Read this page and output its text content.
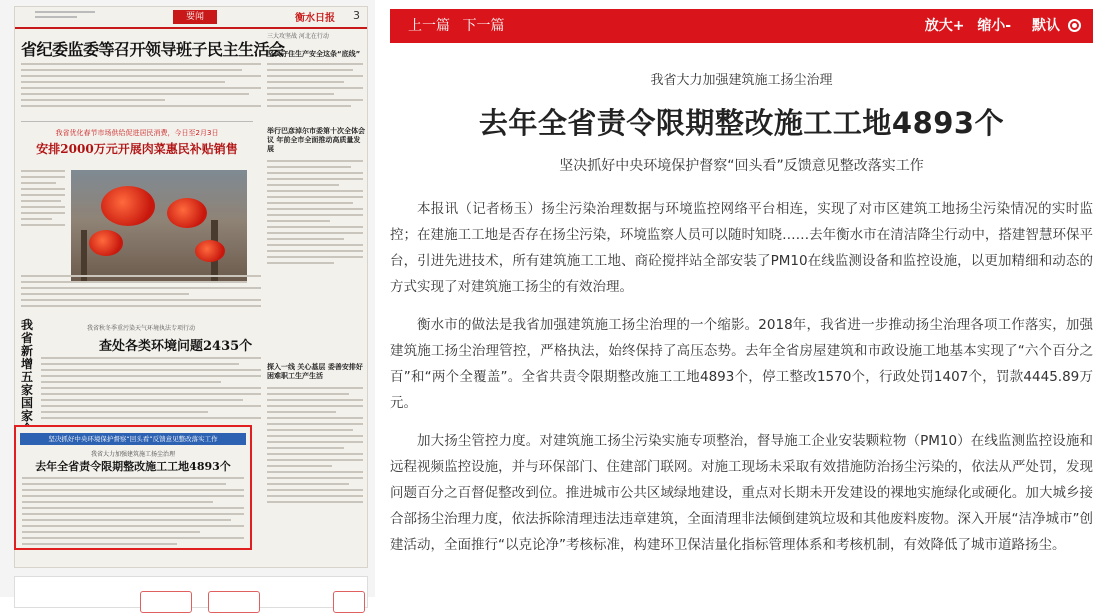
要闻	衡水日报 3
省纪委监委等召开领导班子民主生活会
三大攻坚战 河北在行动
坚决守住生产安全这条“底线”
我省优化春节市场供给促进居民消费，今日至2月3日
安排2000万元开展肉菜惠民补贴销售
举行巴彦淖尔市委第十次全体会议 年前全市全面推动高质量发展
我省新增五家国家
我省秋冬季重污染天气环境执法专项行动
查处各类环境问题2435个
探入一线 关心基层 委善安排好困难职工生产生活
坚决抓好中央环境保护督察“回头看”反馈意见整改落实工作
我省大力加强建筑施工扬尘治理
去年全省责令限期整改施工工地4893个
上一篇 下一篇	放大+ 缩小- 默认
我省大力加强建筑施工扬尘治理
去年全省责令限期整改施工工地4893个
坚决抓好中央环境保护督察“回头看”反馈意见整改落实工作

本报讯（记者杨玉）扬尘污染治理数据与环境监控网络平台相连，实现了对市区建筑工地扬尘污染情况的实时监控；在建施工工地是否存在扬尘污染，环境监察人员可以随时知晓……去年衡水市在清洁降尘行动中，搭建智慧环保平台，引进先进技术，所有建筑施工工地、商砼搅拌站全部安装了PM10在线监测设备和监控设施，以更加精细和动态的方式实现了对建筑施工扬尘的有效治理。

衡水市的做法是我省加强建筑施工扬尘治理的一个缩影。2018年，我省进一步推动扬尘治理各项工作落实，加强建筑施工扬尘治理管控，严格执法，始终保持了高压态势。去年全省房屋建筑和市政设施工地基本实现了“六个百分之百”和“两个全覆盖”。全省共责令限期整改施工工地4893个，停工整改1570个，行政处罚1407个，罚款4445.89万元。

加大扬尘管控力度。对建筑施工扬尘污染实施专项整治，督导施工企业安装颗粒物（PM10）在线监测监控设施和远程视频监控设施，并与环保部门、住建部门联网。对施工现场未采取有效措施防治扬尘污染的，依法从严处罚，发现问题百分之百督促整改到位。推进城市公共区域绿地建设，重点对长期未开发建设的裸地实施绿化或硬化。加大城乡接合部扬尘治理力度，依法拆除清理违法违章建筑，全面清理非法倾倒建筑垃圾和其他废料废物。深入开展“洁净城市”创建活动，全面推行“以克论净”考核标准，构建环卫保洁量化指标管理体系和考核机制，有效降低了城市道路扬尘。
